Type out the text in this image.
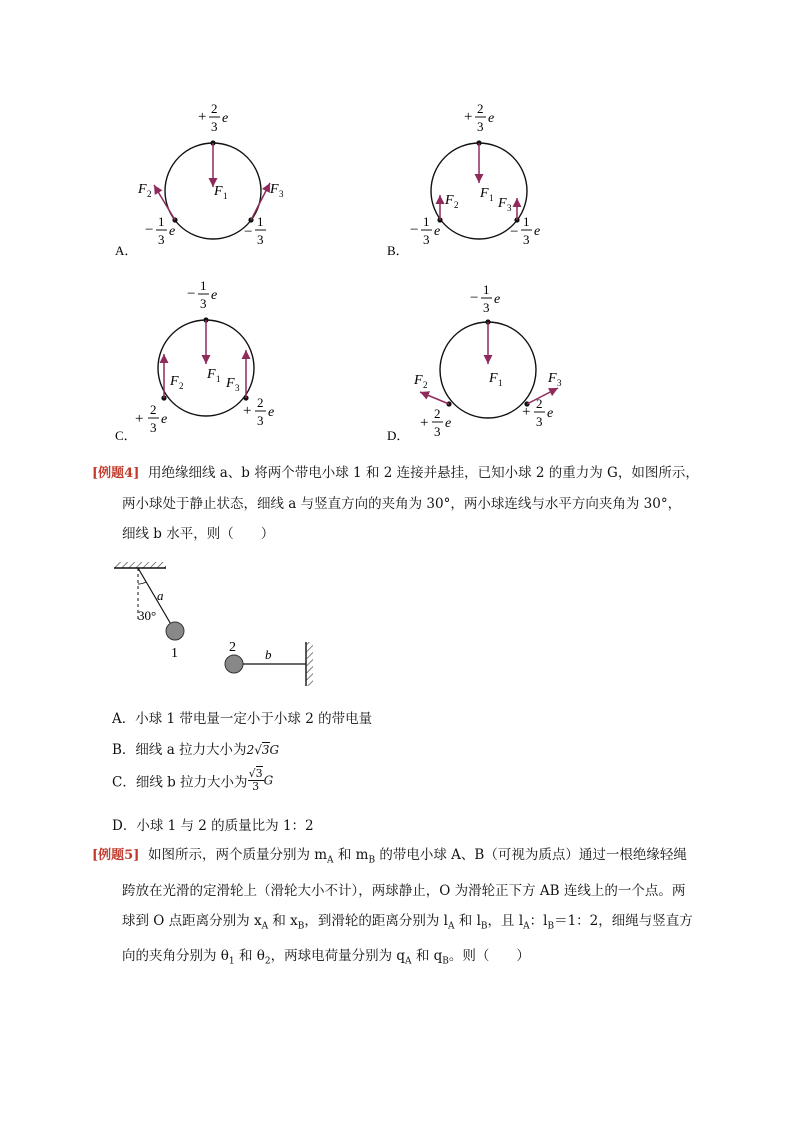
+
2
3
e
F 1
F 2
−
1
3
e
F 3
−
1
3
A．
+
2
3
e
F 1
F 2
−
1
3
e
F 3
−
1
3
e
B．
−
1
3
e
F 1
F 2
+
2
3
e
F 3
+
2
3
e
C．
−
1
3
e
F 1
F 2
+
2
3
e
F 3
+
2
3
e
D．
[例题4] 用绝缘细线 a、b 将两个带电小球 1 和 2 连接并悬挂，已知小球 2 的重力为 G，如图所示，
两小球处于静止状态，细线 a 与竖直方向的夹角为 30°，两小球连线与水平方向夹角为 30°，
细线 b 水平，则（　　）
a
30°
1	2 b
A．小球 1 带电量一定小于小球 2 的带电量
B．细线 a 拉力大小为2√3G
C．细线 b 拉力大小为 $\frac{√3}{3}$ G
D．小球 1 与 2 的质量比为 1：2
[例题5] 如图所示，两个质量分别为 $m_A$ 和 $m_B$ 的带电小球 A、B（可视为质点）通过一根绝缘轻绳
跨放在光滑的定滑轮上（滑轮大小不计），两球静止，O 为滑轮正下方 AB 连线上的一个点。两
球到 O 点距离分别为 $x_A$ 和 $x_B$，到滑轮的距离分别为 $l_A$ 和 $l_B$，且 $l_A$：$l_B=1$：2，细绳与竖直方
向的夹角分别为 $\theta_1$ 和 $\theta_2$，两球电荷量分别为 $q_A$ 和 $q_B$。则（　　）
